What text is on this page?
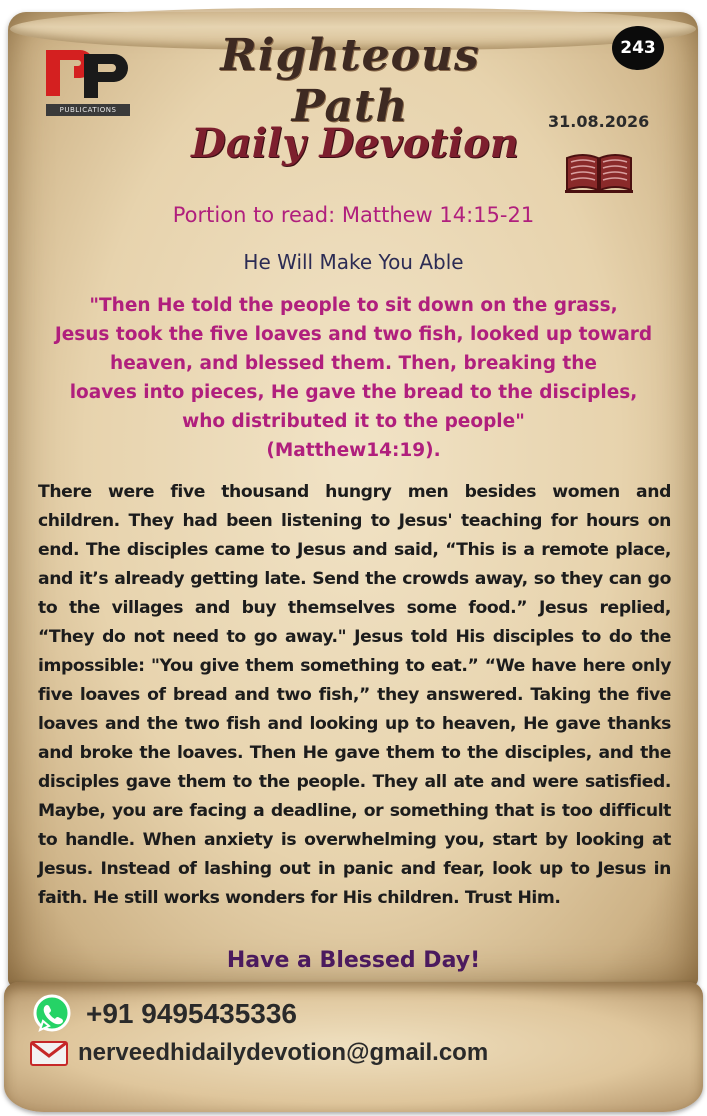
PUBLICATIONS
Righteous Path
243
31.08.2026
Daily Devotion
Portion to read: Matthew 14:15-21
He Will Make You Able
"Then He told the people to sit down on the grass,
Jesus took the five loaves and two fish, looked up toward
heaven, and blessed them. Then, breaking the
loaves into pieces, He gave the bread to the disciples,
who distributed it to the people"
(Matthew14:19).
There were five thousand hungry men besides women and children. They had been listening to Jesus' teaching for hours on end. The disciples came to Jesus and said, “This is a remote place, and it’s already getting late. Send the crowds away, so they can go to the villages and buy themselves some food.” Jesus replied, “They do not need to go away." Jesus told His disciples to do the impossible: "You give them something to eat.” “We have here only five loaves of bread and two fish,” they answered. Taking the five loaves and the two fish and looking up to heaven, He gave thanks and broke the loaves. Then He gave them to the disciples, and the disciples gave them to the people. They all ate and were satisfied. Maybe, you are facing a deadline, or something that is too difficult to handle. When anxiety is overwhelming you, start by looking at Jesus. Instead of lashing out in panic and fear, look up to Jesus in faith. He still works wonders for His children. Trust Him.
Have a Blessed Day!
+91 9495435336
nerveedhidailydevotion@gmail.com
